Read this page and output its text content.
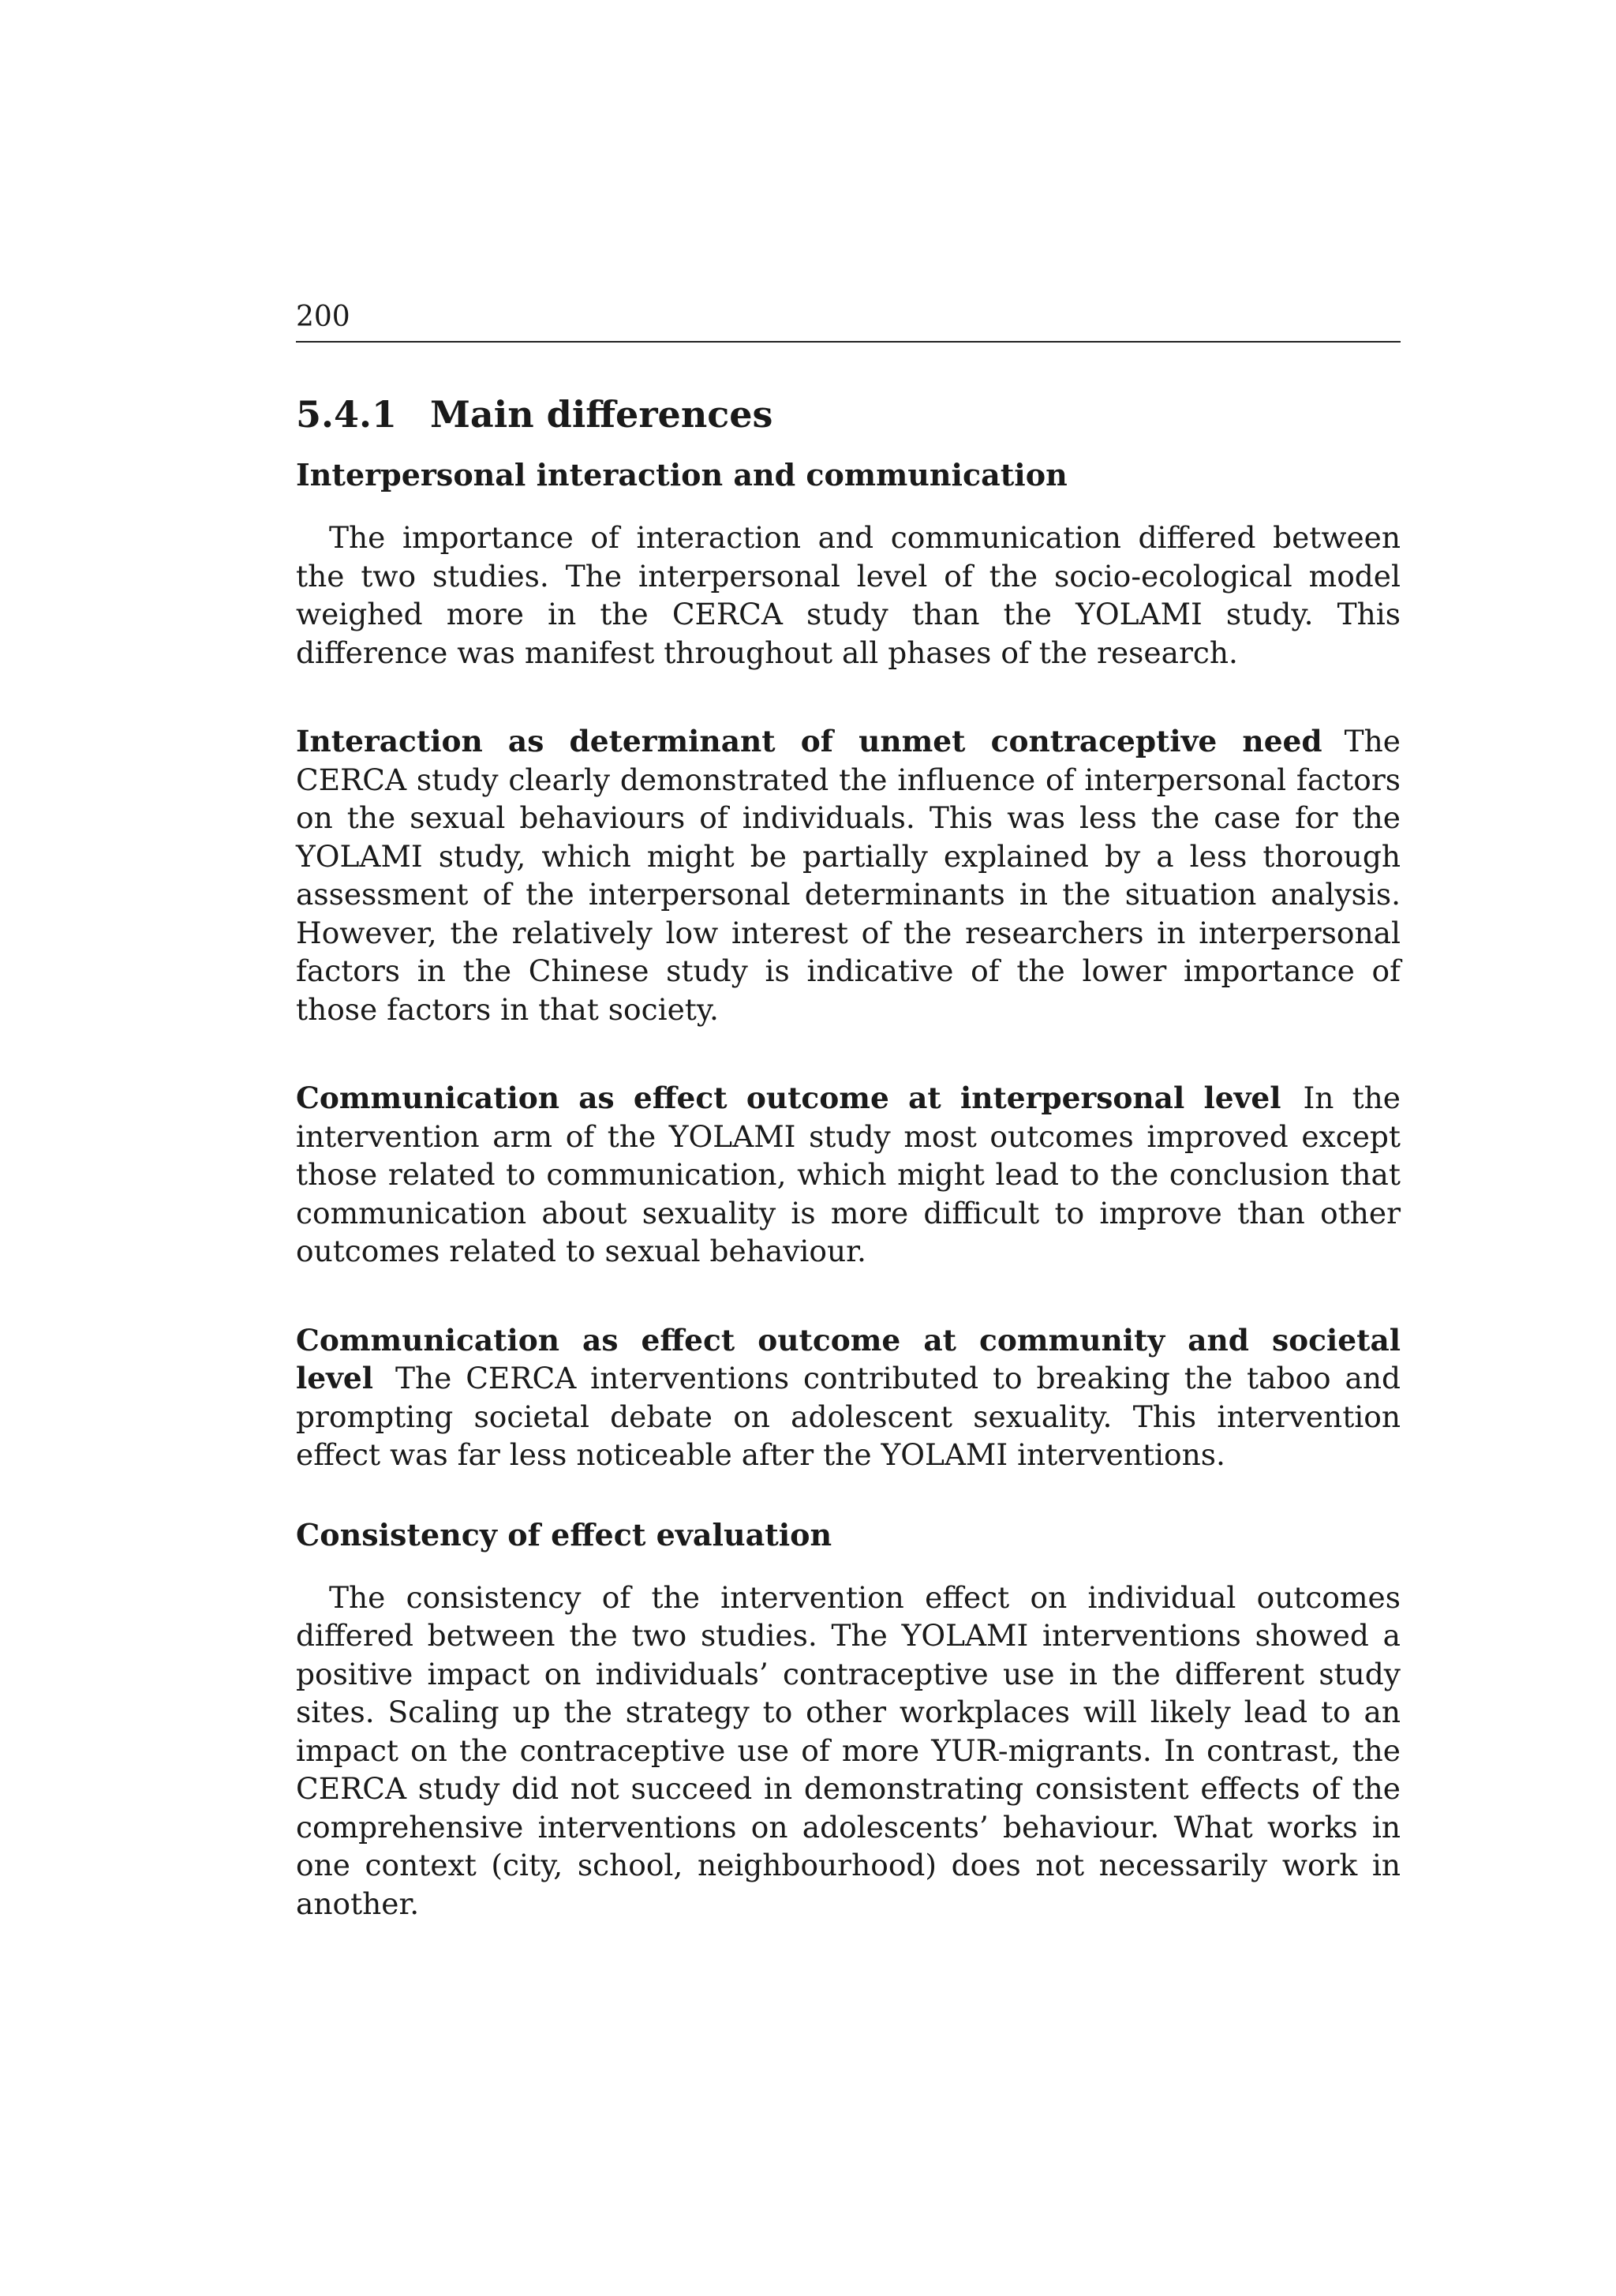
200
5.4.1 Main differences
Interpersonal interaction and communication

The importance of interaction and communication differed between the two studies. The interpersonal level of the socio-ecological model weighed more in the CERCA study than the YOLAMI study. This difference was manifest throughout all phases of the research.

Interaction as determinant of unmet contraceptive need The CERCA study clearly demonstrated the influence of interpersonal factors on the sexual behaviours of individuals. This was less the case for the YOLAMI study, which might be partially explained by a less thorough assessment of the interpersonal determinants in the situation analysis. However, the relatively low interest of the researchers in interpersonal factors in the Chinese study is indicative of the lower importance of those factors in that society.

Communication as effect outcome at interpersonal level In the intervention arm of the YOLAMI study most outcomes improved except those related to communication, which might lead to the conclusion that communication about sexuality is more difficult to improve than other outcomes related to sexual behaviour.

Communication as effect outcome at community and societal level The CERCA interventions contributed to breaking the taboo and prompting societal debate on adolescent sexuality. This intervention effect was far less noticeable after the YOLAMI interventions.

Consistency of effect evaluation

The consistency of the intervention effect on individual outcomes differed between the two studies. The YOLAMI interventions showed a positive impact on individuals’ contraceptive use in the different study sites. Scaling up the strategy to other workplaces will likely lead to an impact on the contraceptive use of more YUR-migrants. In contrast, the CERCA study did not succeed in demonstrating consistent effects of the comprehensive interventions on adolescents’ behaviour. What works in one context (city, school, neighbourhood) does not necessarily work in another.
